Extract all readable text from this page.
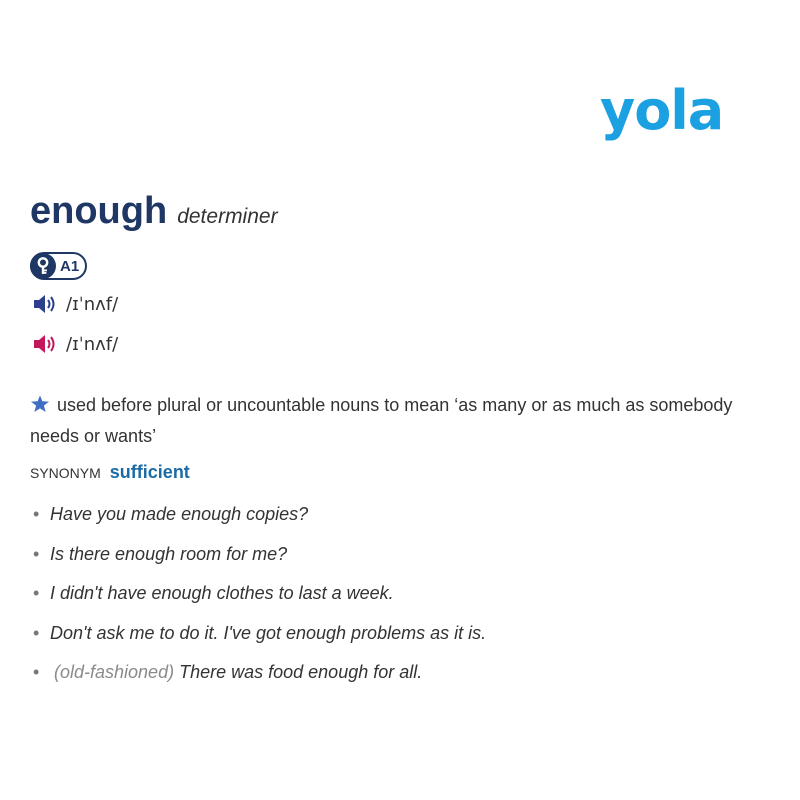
yola
enough determiner
A1
/ɪˈnʌf/
/ɪˈnʌf/
used before plural or uncountable nouns to mean ‘as many or as much as somebody needs or wants’
SYNONYM sufficient
• Have you made enough copies?
• Is there enough room for me?
• I didn't have enough clothes to last a week.
• Don't ask me to do it. I've got enough problems as it is.
• (old-fashioned) There was food enough for all.
